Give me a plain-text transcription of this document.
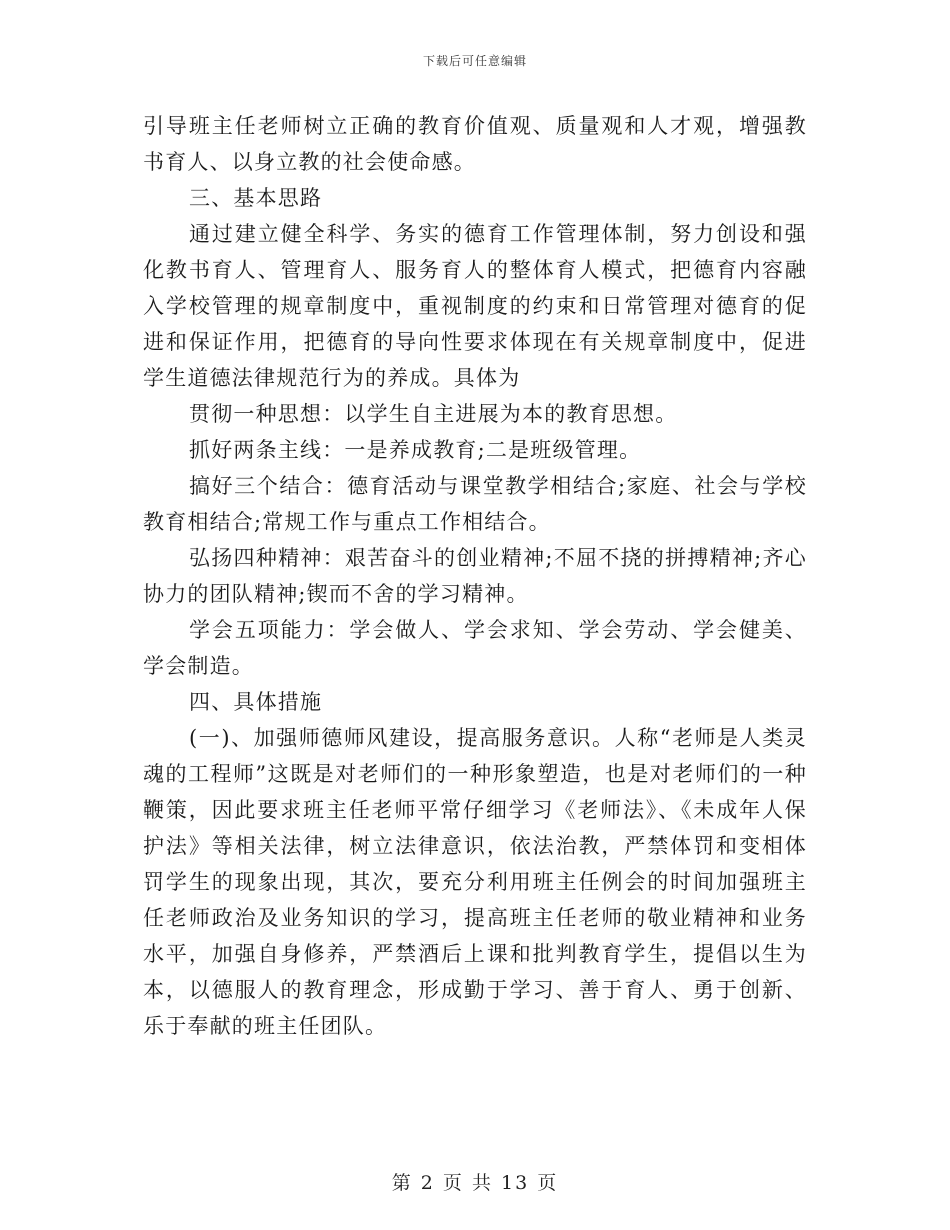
下载后可任意编辑

引导班主任老师树立正确的教育价值观、质量观和人才观，增强教书育人、以身立教的社会使命感。

三、基本思路

通过建立健全科学、务实的德育工作管理体制，努力创设和强化教书育人、管理育人、服务育人的整体育人模式，把德育内容融入学校管理的规章制度中，重视制度的约束和日常管理对德育的促进和保证作用，把德育的导向性要求体现在有关规章制度中，促进学生道德法律规范行为的养成。具体为

贯彻一种思想：以学生自主进展为本的教育思想。

抓好两条主线：一是养成教育;二是班级管理。

搞好三个结合：德育活动与课堂教学相结合;家庭、社会与学校教育相结合;常规工作与重点工作相结合。

弘扬四种精神：艰苦奋斗的创业精神;不屈不挠的拼搏精神;齐心协力的团队精神;锲而不舍的学习精神。

学会五项能力：学会做人、学会求知、学会劳动、学会健美、学会制造。

四、具体措施

(一)、加强师德师风建设，提高服务意识。人称“老师是人类灵魂的工程师”这既是对老师们的一种形象塑造，也是对老师们的一种鞭策，因此要求班主任老师平常仔细学习《老师法》、《未成年人保护法》等相关法律，树立法律意识，依法治教，严禁体罚和变相体罚学生的现象出现，其次，要充分利用班主任例会的时间加强班主任老师政治及业务知识的学习，提高班主任老师的敬业精神和业务水平，加强自身修养，严禁酒后上课和批判教育学生，提倡以生为本，以德服人的教育理念，形成勤于学习、善于育人、勇于创新、乐于奉献的班主任团队。

第 2 页 共 13 页
